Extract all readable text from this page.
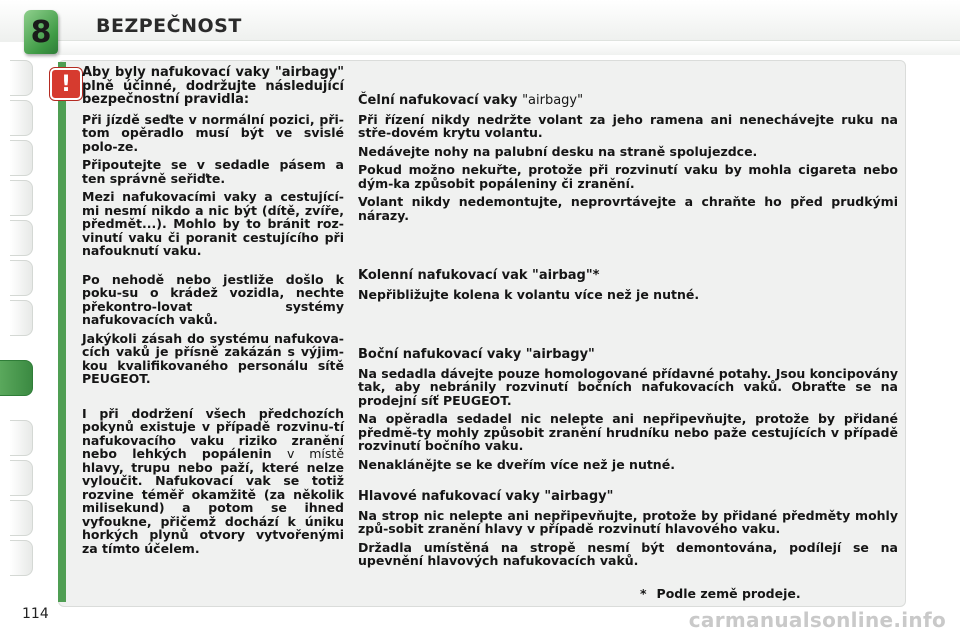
8 BEZPEČNOST
! Aby byly nafukovací vaky "airbagy" plně účinné, dodržujte následující bezpečnostní pravidla:

Při jízdě seďte v normální pozici, při-tom opěradlo musí být ve svislé polo-ze.

Připoutejte se v sedadle pásem a ten správně seřiďte.

Mezi nafukovacími vaky a cestující-mi nesmí nikdo a nic být (dítě, zvíře, předmět...). Mohlo by to bránit roz-vinutí vaku či poranit cestujícího při nafouknutí vaku.

Po nehodě nebo jestliže došlo k poku-su o krádež vozidla, nechte překontro-lovat systémy nafukovacích vaků.

Jakýkoli zásah do systému nafukova-cích vaků je přísně zakázán s výjim-kou kvalifikovaného personálu sítě PEUGEOT.

I při dodržení všech předchozích pokynů existuje v případě rozvinu-tí nafukovacího vaku riziko zranění nebo lehkých popálenin v místě hlavy, trupu nebo paží, které nelze vyloučit. Nafukovací vak se totiž rozvine téměř okamžitě (za několik milisekund) a potom se ihned vyfoukne, přičemž dochází k úniku horkých plynů otvory vytvořenými za tímto účelem.

Čelní nafukovací vaky "airbagy"

Při řízení nikdy nedržte volant za jeho ramena ani nenechávejte ruku na stře-dovém krytu volantu.

Nedávejte nohy na palubní desku na straně spolujezdce.

Pokud možno nekuřte, protože při rozvinutí vaku by mohla cigareta nebo dým-ka způsobit popáleniny či zranění.

Volant nikdy nedemontujte, neprovrtávejte a chraňte ho před prudkými nárazy.

Kolenní nafukovací vak "airbag"*

Nepřibližujte kolena k volantu více než je nutné.

Boční nafukovací vaky "airbagy"

Na sedadla dávejte pouze homologované přídavné potahy. Jsou koncipovány tak, aby nebránily rozvinutí bočních nafukovacích vaků. Obraťte se na prodejní síť PEUGEOT.

Na opěradla sedadel nic nelepte ani nepřipevňujte, protože by přidané předmě-ty mohly způsobit zranění hrudníku nebo paže cestujících v případě rozvinutí bočního vaku.

Nenaklánějte se ke dveřím více než je nutné.

Hlavové nafukovací vaky "airbagy"

Na strop nic nelepte ani nepřipevňujte, protože by přidané předměty mohly způ-sobit zranění hlavy v případě rozvinutí hlavového vaku.

Držadla umístěná na stropě nesmí být demontována, podílejí se na upevnění hlavových nafukovacích vaků.

* Podle země prodeje.
114	carmanualsonline.info
